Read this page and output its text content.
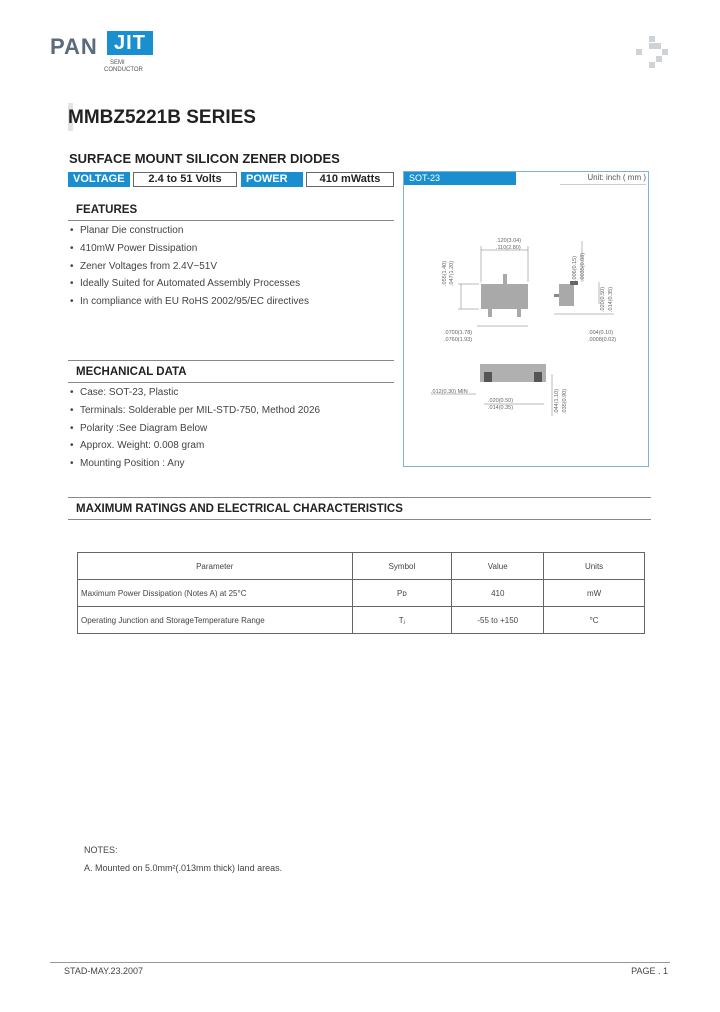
PAN JIT
SEMI
CONDUCTOR
MMBZ5221B SERIES
SURFACE MOUNT SILICON ZENER DIODES
VOLTAGE	2.4 to 51 Volts	POWER	410 mWatts
FEATURES
• Planar Die construction
• 410mW Power Dissipation
• Zener Voltages from 2.4V~51V
• Ideally Suited for Automated Assembly Processes
• In compliance with EU RoHS 2002/95/EC directives
MECHANICAL DATA
• Case: SOT-23, Plastic
• Terminals: Solderable per MIL-STD-750, Method 2026
• Polarity :See Diagram Below
• Approx. Weight: 0.008 gram
• Mounting Position : Any
SOT-23	Unit: inch ( mm )
.120(3.04)
.110(2.80)
.055(1.40) .047(1.20)	.006(0.15) .0035(0.08)
.020(0.50) .014(0.35)
.0700(1.78)
.0760(1.93)
.004(0.10)
.0008(0.02)
.012(0.30) MIN
.020(0.50)
.014(0.35)	.044(1.10) .035(0.90)
MAXIMUM RATINGS AND ELECTRICAL CHARACTERISTICS
Parameter	Symbol	Value	Units
Maximum Power Dissipation (Notes A) at 25°C	Pᴅ	410	mW
Operating Junction and StorageTemperature Range	Tⱼ	-55 to +150	°C
NOTES:
A. Mounted on 5.0mm²(.013mm thick) land areas.
STAD-MAY.23.2007	PAGE . 1
